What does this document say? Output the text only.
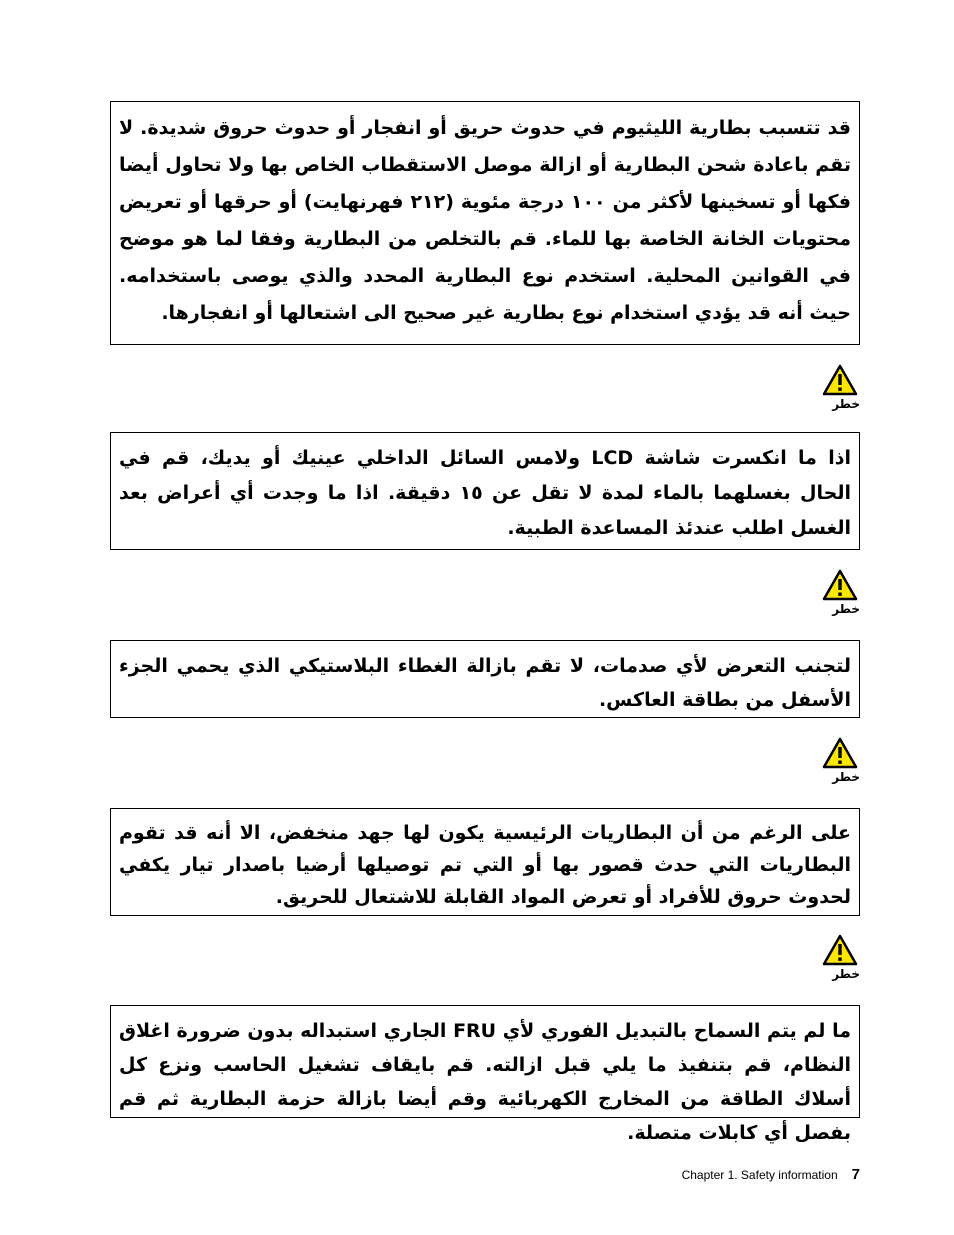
قد تتسبب بطارية الليثيوم في حدوث حريق أو انفجار أو حدوث حروق شديدة. لا تقم باعادة شحن البطارية أو ازالة موصل الاستقطاب الخاص بها ولا تحاول أيضا فكها أو تسخينها لأكثر من ١٠٠ درجة مئوية (٢١٢ فهرنهايت) أو حرقها أو تعريض محتويات الخانة الخاصة بها للماء. قم بالتخلص من البطارية وفقا لما هو موضح في القوانين المحلية. استخدم نوع البطارية المحدد والذي يوصى باستخدامه. حيث أنه قد يؤدي استخدام نوع بطارية غير صحيح الى اشتعالها أو انفجارها.

خطر

اذا ما انكسرت شاشة LCD ولامس السائل الداخلي عينيك أو يديك، قم في الحال بغسلهما بالماء لمدة لا تقل عن ١٥ دقيقة. اذا ما وجدت أي أعراض بعد الغسل اطلب عندئذ المساعدة الطبية.

خطر

لتجنب التعرض لأي صدمات، لا تقم بازالة الغطاء البلاستيكي الذي يحمي الجزء الأسفل من بطاقة العاكس.

خطر

على الرغم من أن البطاريات الرئيسية يكون لها جهد منخفض، الا أنه قد تقوم البطاريات التي حدث قصور بها أو التي تم توصيلها أرضيا باصدار تيار يكفي لحدوث حروق للأفراد أو تعرض المواد القابلة للاشتعال للحريق.

خطر

ما لم يتم السماح بالتبديل الفوري لأي FRU الجاري استبداله بدون ضرورة اغلاق النظام، قم بتنفيذ ما يلي قبل ازالته. قم بايقاف تشغيل الحاسب ونزع كل أسلاك الطاقة من المخارج الكهربائية وقم أيضا بازالة حزمة البطارية ثم قم بفصل أي كابلات متصلة.

Chapter 1. Safety information 7
